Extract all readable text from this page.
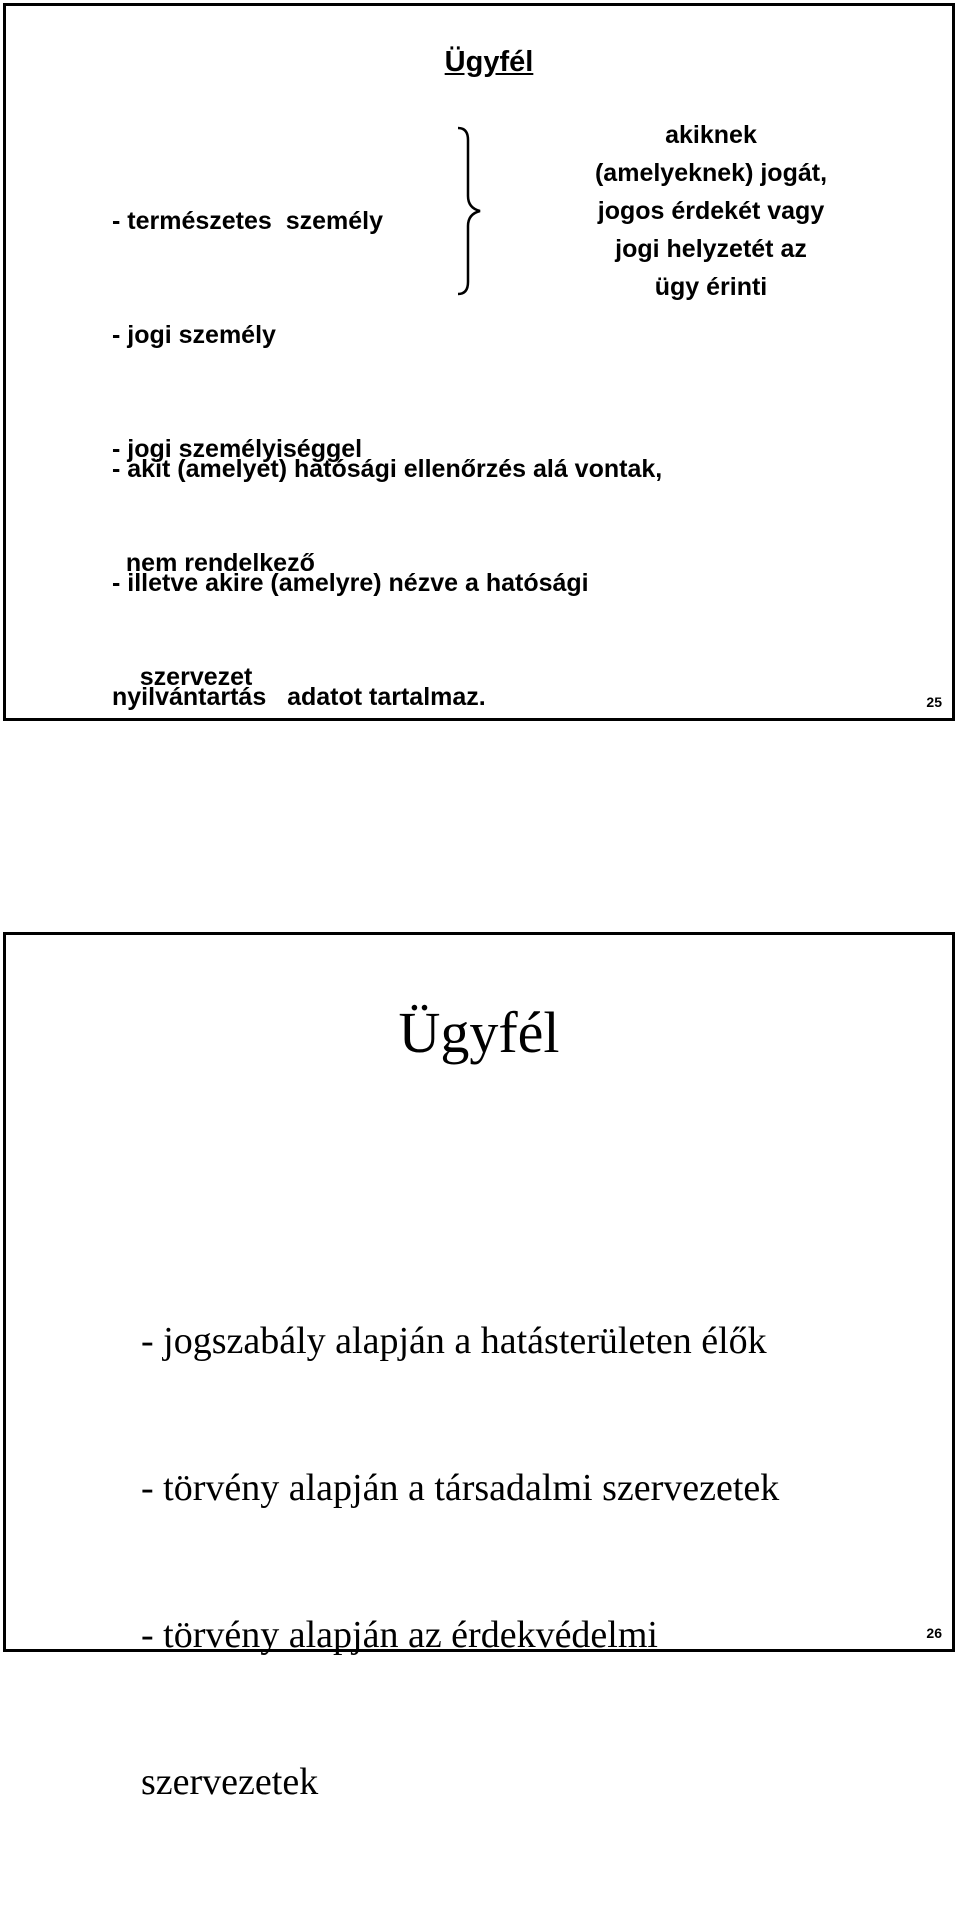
Ügyfél

- természetes  személy

- jogi személy

- jogi személyiséggel

nem rendelkező

szervezet

akiknek
(amelyeknek) jogát,
jogos érdekét vagy
jogi helyzetét az
ügy érinti

- akit (amelyet) hatósági ellenőrzés alá vontak,

- illetve akire (amelyre) nézve a hatósági

nyilvántartás   adatot tartalmaz.

	25
Ügyfél

- jogszabály alapján a hatásterületen élők

- törvény alapján a társadalmi szervezetek

- törvény alapján az érdekvédelmi

szervezetek

26
